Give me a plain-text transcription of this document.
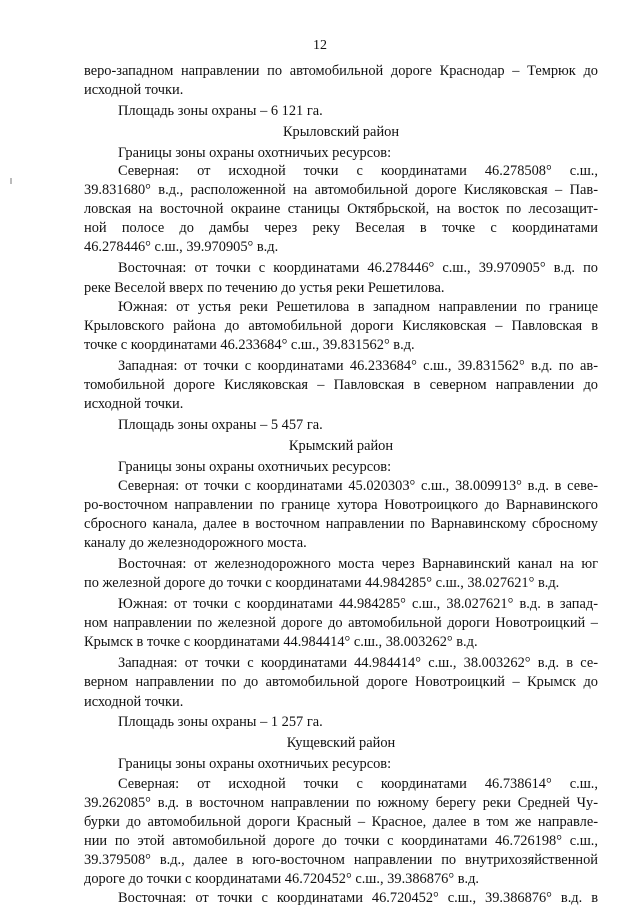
12
веро-западном направлении по автомобильной дороге Краснодар – Темрюк до
исходной точки.
Площадь зоны охраны – 6 121 га.
Крыловский район
Границы зоны охраны охотничьих ресурсов:
Северная: от исходной точки с координатами 46.278508° с.ш.,
39.831680° в.д., расположенной на автомобильной дороге Кисляковская – Пав-
ловская на восточной окраине станицы Октябрьской, на восток по лесозащит-
ной полосе до дамбы через реку Веселая в точке с координатами
46.278446° с.ш., 39.970905° в.д.
Восточная: от точки с координатами 46.278446° с.ш., 39.970905° в.д. по
реке Веселой вверх по течению до устья реки Решетилова.
Южная: от устья реки Решетилова в западном направлении по границе
Крыловского района до автомобильной дороги Кисляковская – Павловская в
точке с координатами 46.233684° с.ш., 39.831562° в.д.
Западная: от точки с координатами 46.233684° с.ш., 39.831562° в.д. по ав-
томобильной дороге Кисляковская – Павловская в северном направлении до
исходной точки.
Площадь зоны охраны – 5 457 га.
Крымский район
Границы зоны охраны охотничьих ресурсов:
Северная: от точки с координатами 45.020303° с.ш., 38.009913° в.д. в севе-
ро-восточном направлении по границе хутора Новотроицкого до Варнавинского
сбросного канала, далее в восточном направлении по Варнавинскому сбросному
каналу до железнодорожного моста.
Восточная: от железнодорожного моста через Варнавинский канал на юг
по железной дороге до точки с координатами 44.984285° с.ш., 38.027621° в.д.
Южная: от точки с координатами 44.984285° с.ш., 38.027621° в.д. в запад-
ном направлении по железной дороге до автомобильной дороги Новотроицкий –
Крымск в точке с координатами 44.984414° с.ш., 38.003262° в.д.
Западная: от точки с координатами 44.984414° с.ш., 38.003262° в.д. в се-
верном направлении по до автомобильной дороге Новотроицкий – Крымск до
исходной точки.
Площадь зоны охраны – 1 257 га.
Кущевский район
Границы зоны охраны охотничьих ресурсов:
Северная: от исходной точки с координатами 46.738614° с.ш.,
39.262085° в.д. в восточном направлении по южному берегу реки Средней Чу-
бурки до автомобильной дороги Красный – Красное, далее в том же направле-
нии по этой автомобильной дороге до точки с координатами 46.726198° с.ш.,
39.379508° в.д., далее в юго-восточном направлении по внутрихозяйственной
дороге до точки с координатами 46.720452° с.ш., 39.386876° в.д.
Восточная: от точки с координатами 46.720452° с.ш., 39.386876° в.д. в
